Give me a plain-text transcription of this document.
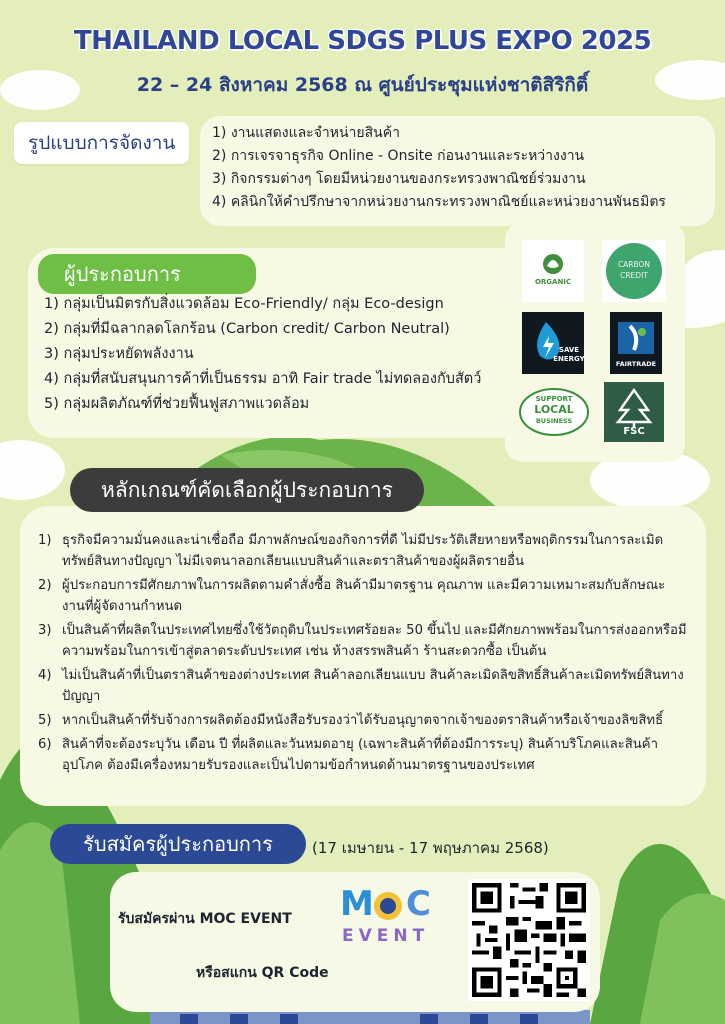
THAILAND LOCAL SDGS PLUS EXPO 2025
22 – 24 สิงหาคม 2568 ณ ศูนย์ประชุมแห่งชาติสิริกิติ์
รูปแบบการจัดงาน	1) งานแสดงและจำหน่ายสินค้า
2) การเจรจาธุรกิจ Online - Onsite ก่อนงานและระหว่างงาน
3) กิจกรรมต่างๆ โดยมีหน่วยงานของกระทรวงพาณิชย์ร่วมงาน
4) คลินิกให้คำปรึกษาจากหน่วยงานกระทรวงพาณิชย์และหน่วยงานพันธมิตร
ผู้ประกอบการ
1) กลุ่มเป็นมิตรกับสิ่งแวดล้อม Eco-Friendly/ กลุ่ม Eco-design
2) กลุ่มที่มีฉลากลดโลกร้อน (Carbon credit/ Carbon Neutral)
3) กลุ่มประหยัดพลังงาน
4) กลุ่มที่สนับสนุนการค้าที่เป็นธรรม อาทิ Fair trade ไม่ทดลองกับสัตว์
5) กลุ่มผลิตภัณฑ์ที่ช่วยฟื้นฟูสภาพแวดล้อม
ORGANIC
CARBON
CREDIT
SAVE
ENERGY
FAIRTRADE
SUPPORT
LOCAL
BUSINESS
FSC
หลักเกณฑ์คัดเลือกผู้ประกอบการ
1) ธุรกิจมีความมั่นคงและน่าเชื่อถือ มีภาพลักษณ์ของกิจการที่ดี ไม่มีประวัติเสียหายหรือพฤติกรรมในการละเมิดทรัพย์สินทางปัญญา ไม่มีเจตนาลอกเลียนแบบสินค้าและตราสินค้าของผู้ผลิตรายอื่น
2) ผู้ประกอบการมีศักยภาพในการผลิตตามคำสั่งซื้อ สินค้ามีมาตรฐาน คุณภาพ และมีความเหมาะสมกับลักษณะงานที่ผู้จัดงานกำหนด
3) เป็นสินค้าที่ผลิตในประเทศไทยซึ่งใช้วัตถุดิบในประเทศร้อยละ 50 ขึ้นไป และมีศักยภาพพร้อมในการส่งออกหรือมีความพร้อมในการเข้าสู่ตลาดระดับประเทศ เช่น ห้างสรรพสินค้า ร้านสะดวกซื้อ เป็นต้น
4) ไม่เป็นสินค้าที่เป็นตราสินค้าของต่างประเทศ สินค้าลอกเลียนแบบ สินค้าละเมิดลิขสิทธิ์สินค้าละเมิดทรัพย์สินทางปัญญา
5) หากเป็นสินค้าที่รับจ้างการผลิตต้องมีหนังสือรับรองว่าได้รับอนุญาตจากเจ้าของตราสินค้าหรือเจ้าของลิขสิทธิ์
6) สินค้าที่จะต้องระบุวัน เดือน ปี ที่ผลิตและวันหมดอายุ (เฉพาะสินค้าที่ต้องมีการระบุ) สินค้าบริโภคและสินค้าอุปโภค ต้องมีเครื่องหมายรับรองและเป็นไปตามข้อกำหนดด้านมาตรฐานของประเทศ
รับสมัครผู้ประกอบการ	(17 เมษายน - 17 พฤษภาคม 2568)
รับสมัครผ่าน MOC EVENT M C
EVENT
หรือสแกน QR Code
